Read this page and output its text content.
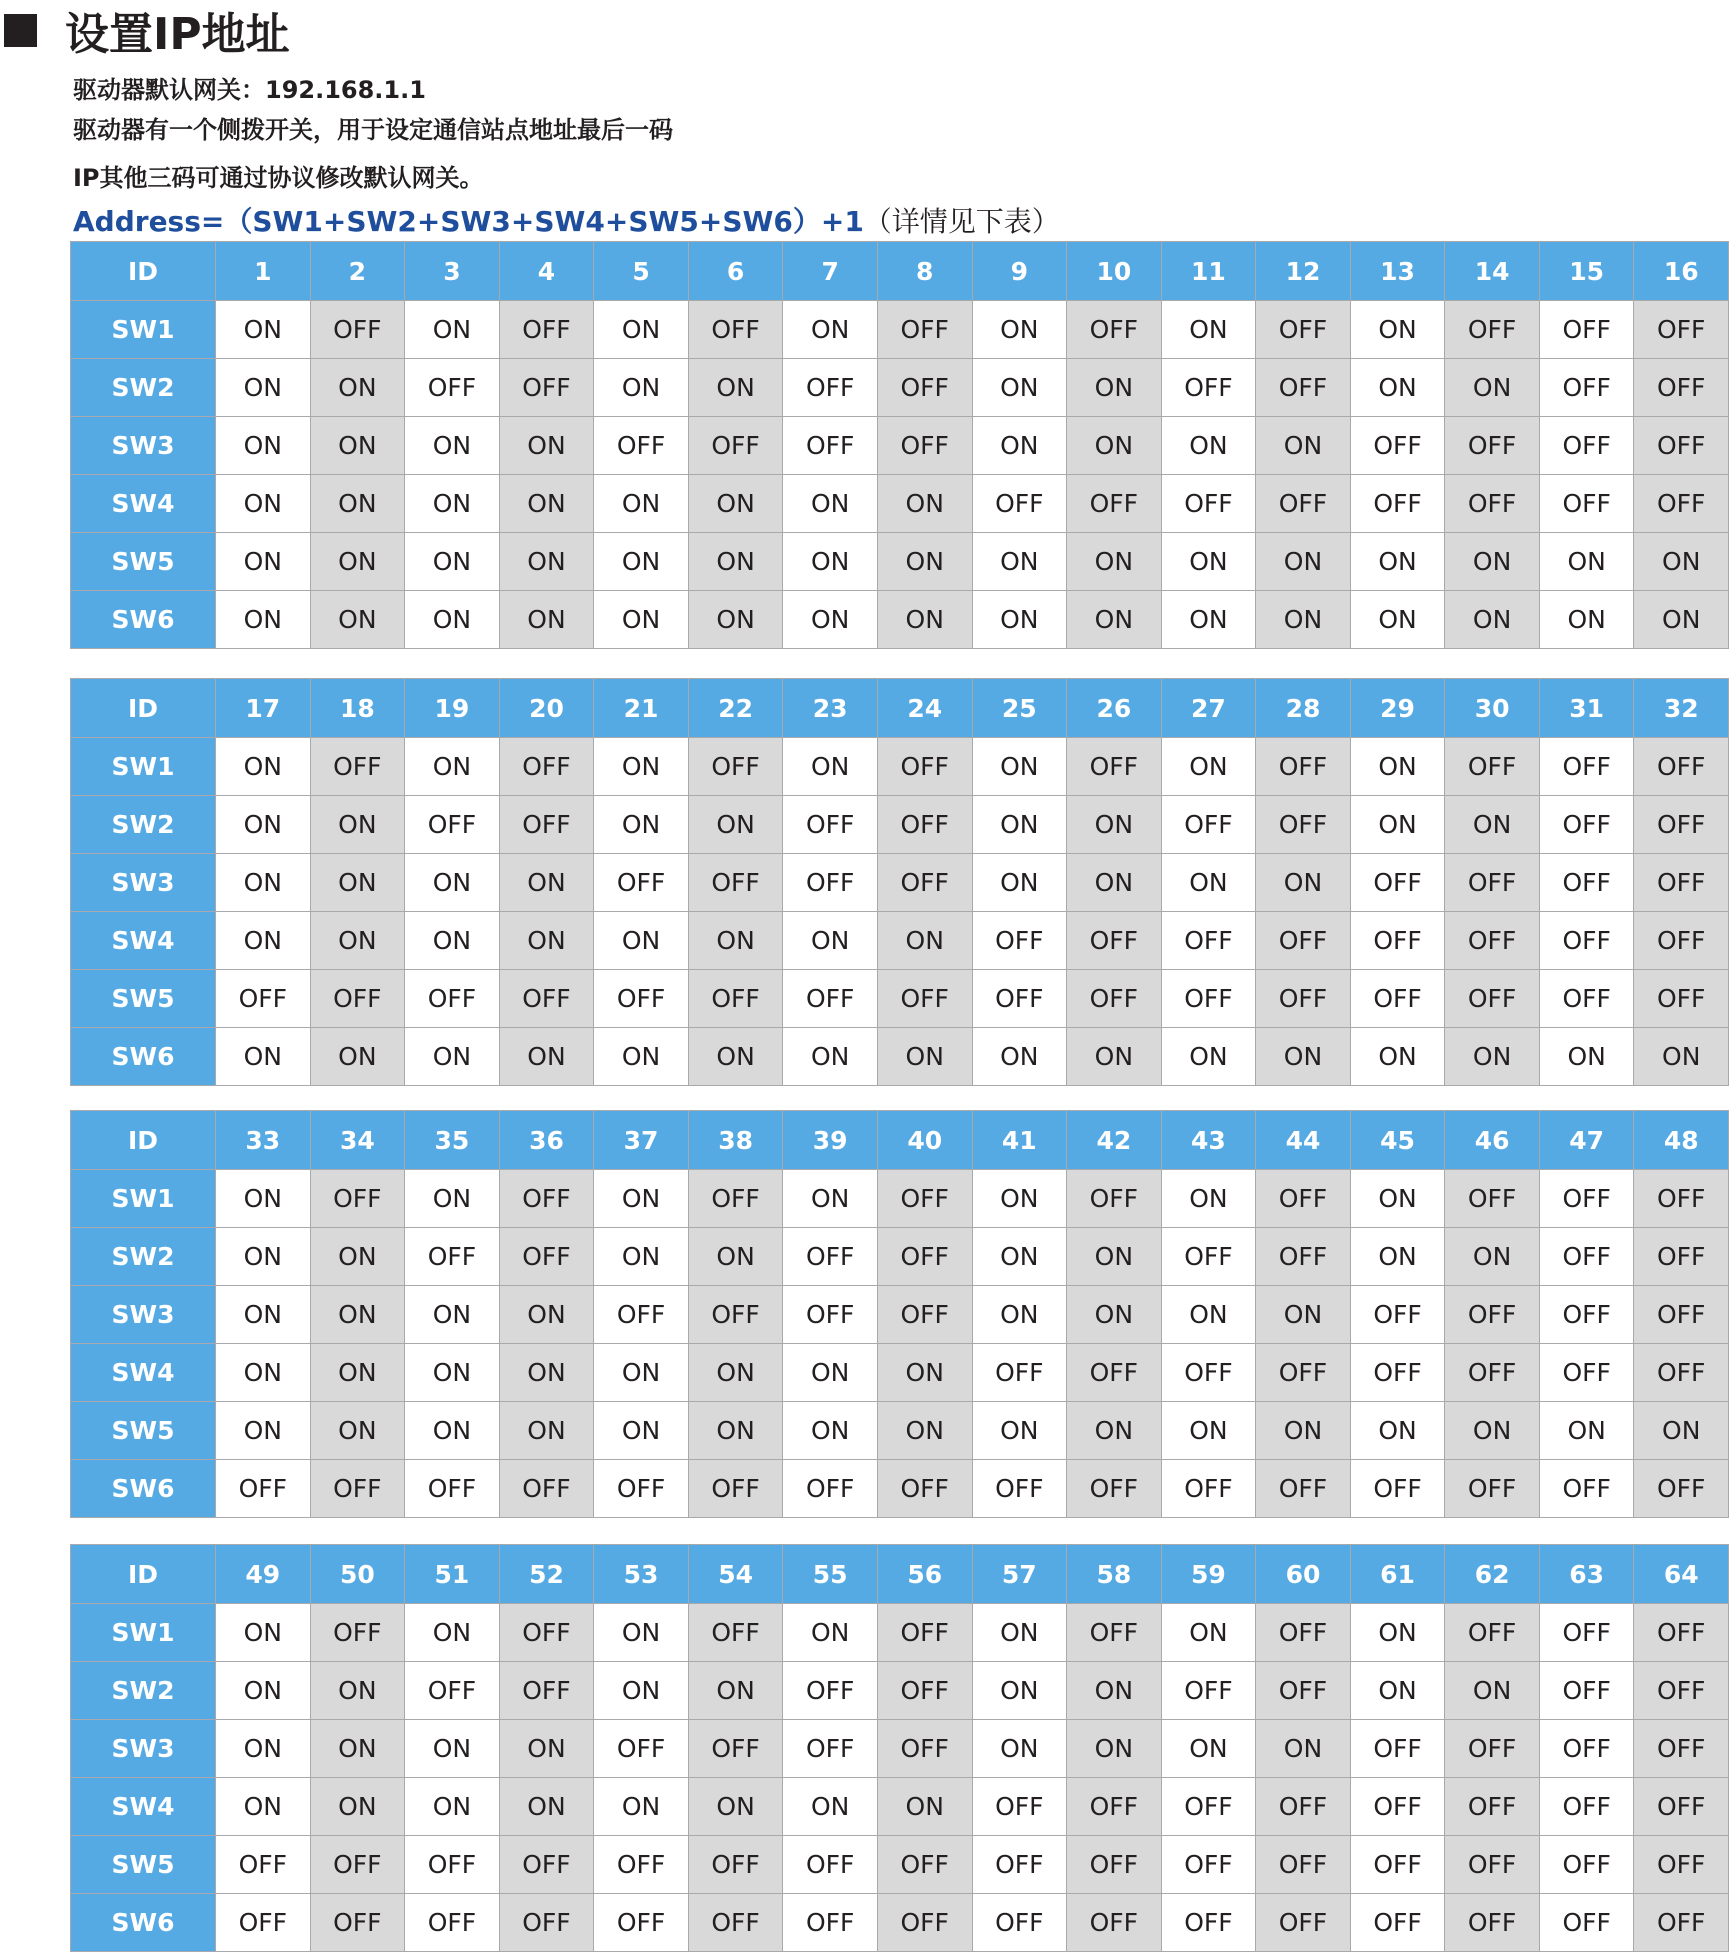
设置IP地址
驱动器默认网关：192.168.1.1
驱动器有一个侧拨开关，用于设定通信站点地址最后一码
IP其他三码可通过协议修改默认网关。
Address=（SW1+SW2+SW3+SW4+SW5+SW6）+1（详情见下表）
ID	1	2	3	4	5	6	7	8	9	10	11	12	13	14	15	16
SW1	ON	OFF	ON	OFF	ON	OFF	ON	OFF	ON	OFF	ON	OFF	ON	OFF	OFF	OFF
SW2	ON	ON	OFF	OFF	ON	ON	OFF	OFF	ON	ON	OFF	OFF	ON	ON	OFF	OFF
SW3	ON	ON	ON	ON	OFF	OFF	OFF	OFF	ON	ON	ON	ON	OFF	OFF	OFF	OFF
SW4	ON	ON	ON	ON	ON	ON	ON	ON	OFF	OFF	OFF	OFF	OFF	OFF	OFF	OFF
SW5	ON	ON	ON	ON	ON	ON	ON	ON	ON	ON	ON	ON	ON	ON	ON	ON
SW6	ON	ON	ON	ON	ON	ON	ON	ON	ON	ON	ON	ON	ON	ON	ON	ON
ID	17	18	19	20	21	22	23	24	25	26	27	28	29	30	31	32
SW1	ON	OFF	ON	OFF	ON	OFF	ON	OFF	ON	OFF	ON	OFF	ON	OFF	OFF	OFF
SW2	ON	ON	OFF	OFF	ON	ON	OFF	OFF	ON	ON	OFF	OFF	ON	ON	OFF	OFF
SW3	ON	ON	ON	ON	OFF	OFF	OFF	OFF	ON	ON	ON	ON	OFF	OFF	OFF	OFF
SW4	ON	ON	ON	ON	ON	ON	ON	ON	OFF	OFF	OFF	OFF	OFF	OFF	OFF	OFF
SW5	OFF	OFF	OFF	OFF	OFF	OFF	OFF	OFF	OFF	OFF	OFF	OFF	OFF	OFF	OFF	OFF
SW6	ON	ON	ON	ON	ON	ON	ON	ON	ON	ON	ON	ON	ON	ON	ON	ON
ID	33	34	35	36	37	38	39	40	41	42	43	44	45	46	47	48
SW1	ON	OFF	ON	OFF	ON	OFF	ON	OFF	ON	OFF	ON	OFF	ON	OFF	OFF	OFF
SW2	ON	ON	OFF	OFF	ON	ON	OFF	OFF	ON	ON	OFF	OFF	ON	ON	OFF	OFF
SW3	ON	ON	ON	ON	OFF	OFF	OFF	OFF	ON	ON	ON	ON	OFF	OFF	OFF	OFF
SW4	ON	ON	ON	ON	ON	ON	ON	ON	OFF	OFF	OFF	OFF	OFF	OFF	OFF	OFF
SW5	ON	ON	ON	ON	ON	ON	ON	ON	ON	ON	ON	ON	ON	ON	ON	ON
SW6	OFF	OFF	OFF	OFF	OFF	OFF	OFF	OFF	OFF	OFF	OFF	OFF	OFF	OFF	OFF	OFF
ID	49	50	51	52	53	54	55	56	57	58	59	60	61	62	63	64
SW1	ON	OFF	ON	OFF	ON	OFF	ON	OFF	ON	OFF	ON	OFF	ON	OFF	OFF	OFF
SW2	ON	ON	OFF	OFF	ON	ON	OFF	OFF	ON	ON	OFF	OFF	ON	ON	OFF	OFF
SW3	ON	ON	ON	ON	OFF	OFF	OFF	OFF	ON	ON	ON	ON	OFF	OFF	OFF	OFF
SW4	ON	ON	ON	ON	ON	ON	ON	ON	OFF	OFF	OFF	OFF	OFF	OFF	OFF	OFF
SW5	OFF	OFF	OFF	OFF	OFF	OFF	OFF	OFF	OFF	OFF	OFF	OFF	OFF	OFF	OFF	OFF
SW6	OFF	OFF	OFF	OFF	OFF	OFF	OFF	OFF	OFF	OFF	OFF	OFF	OFF	OFF	OFF	OFF
